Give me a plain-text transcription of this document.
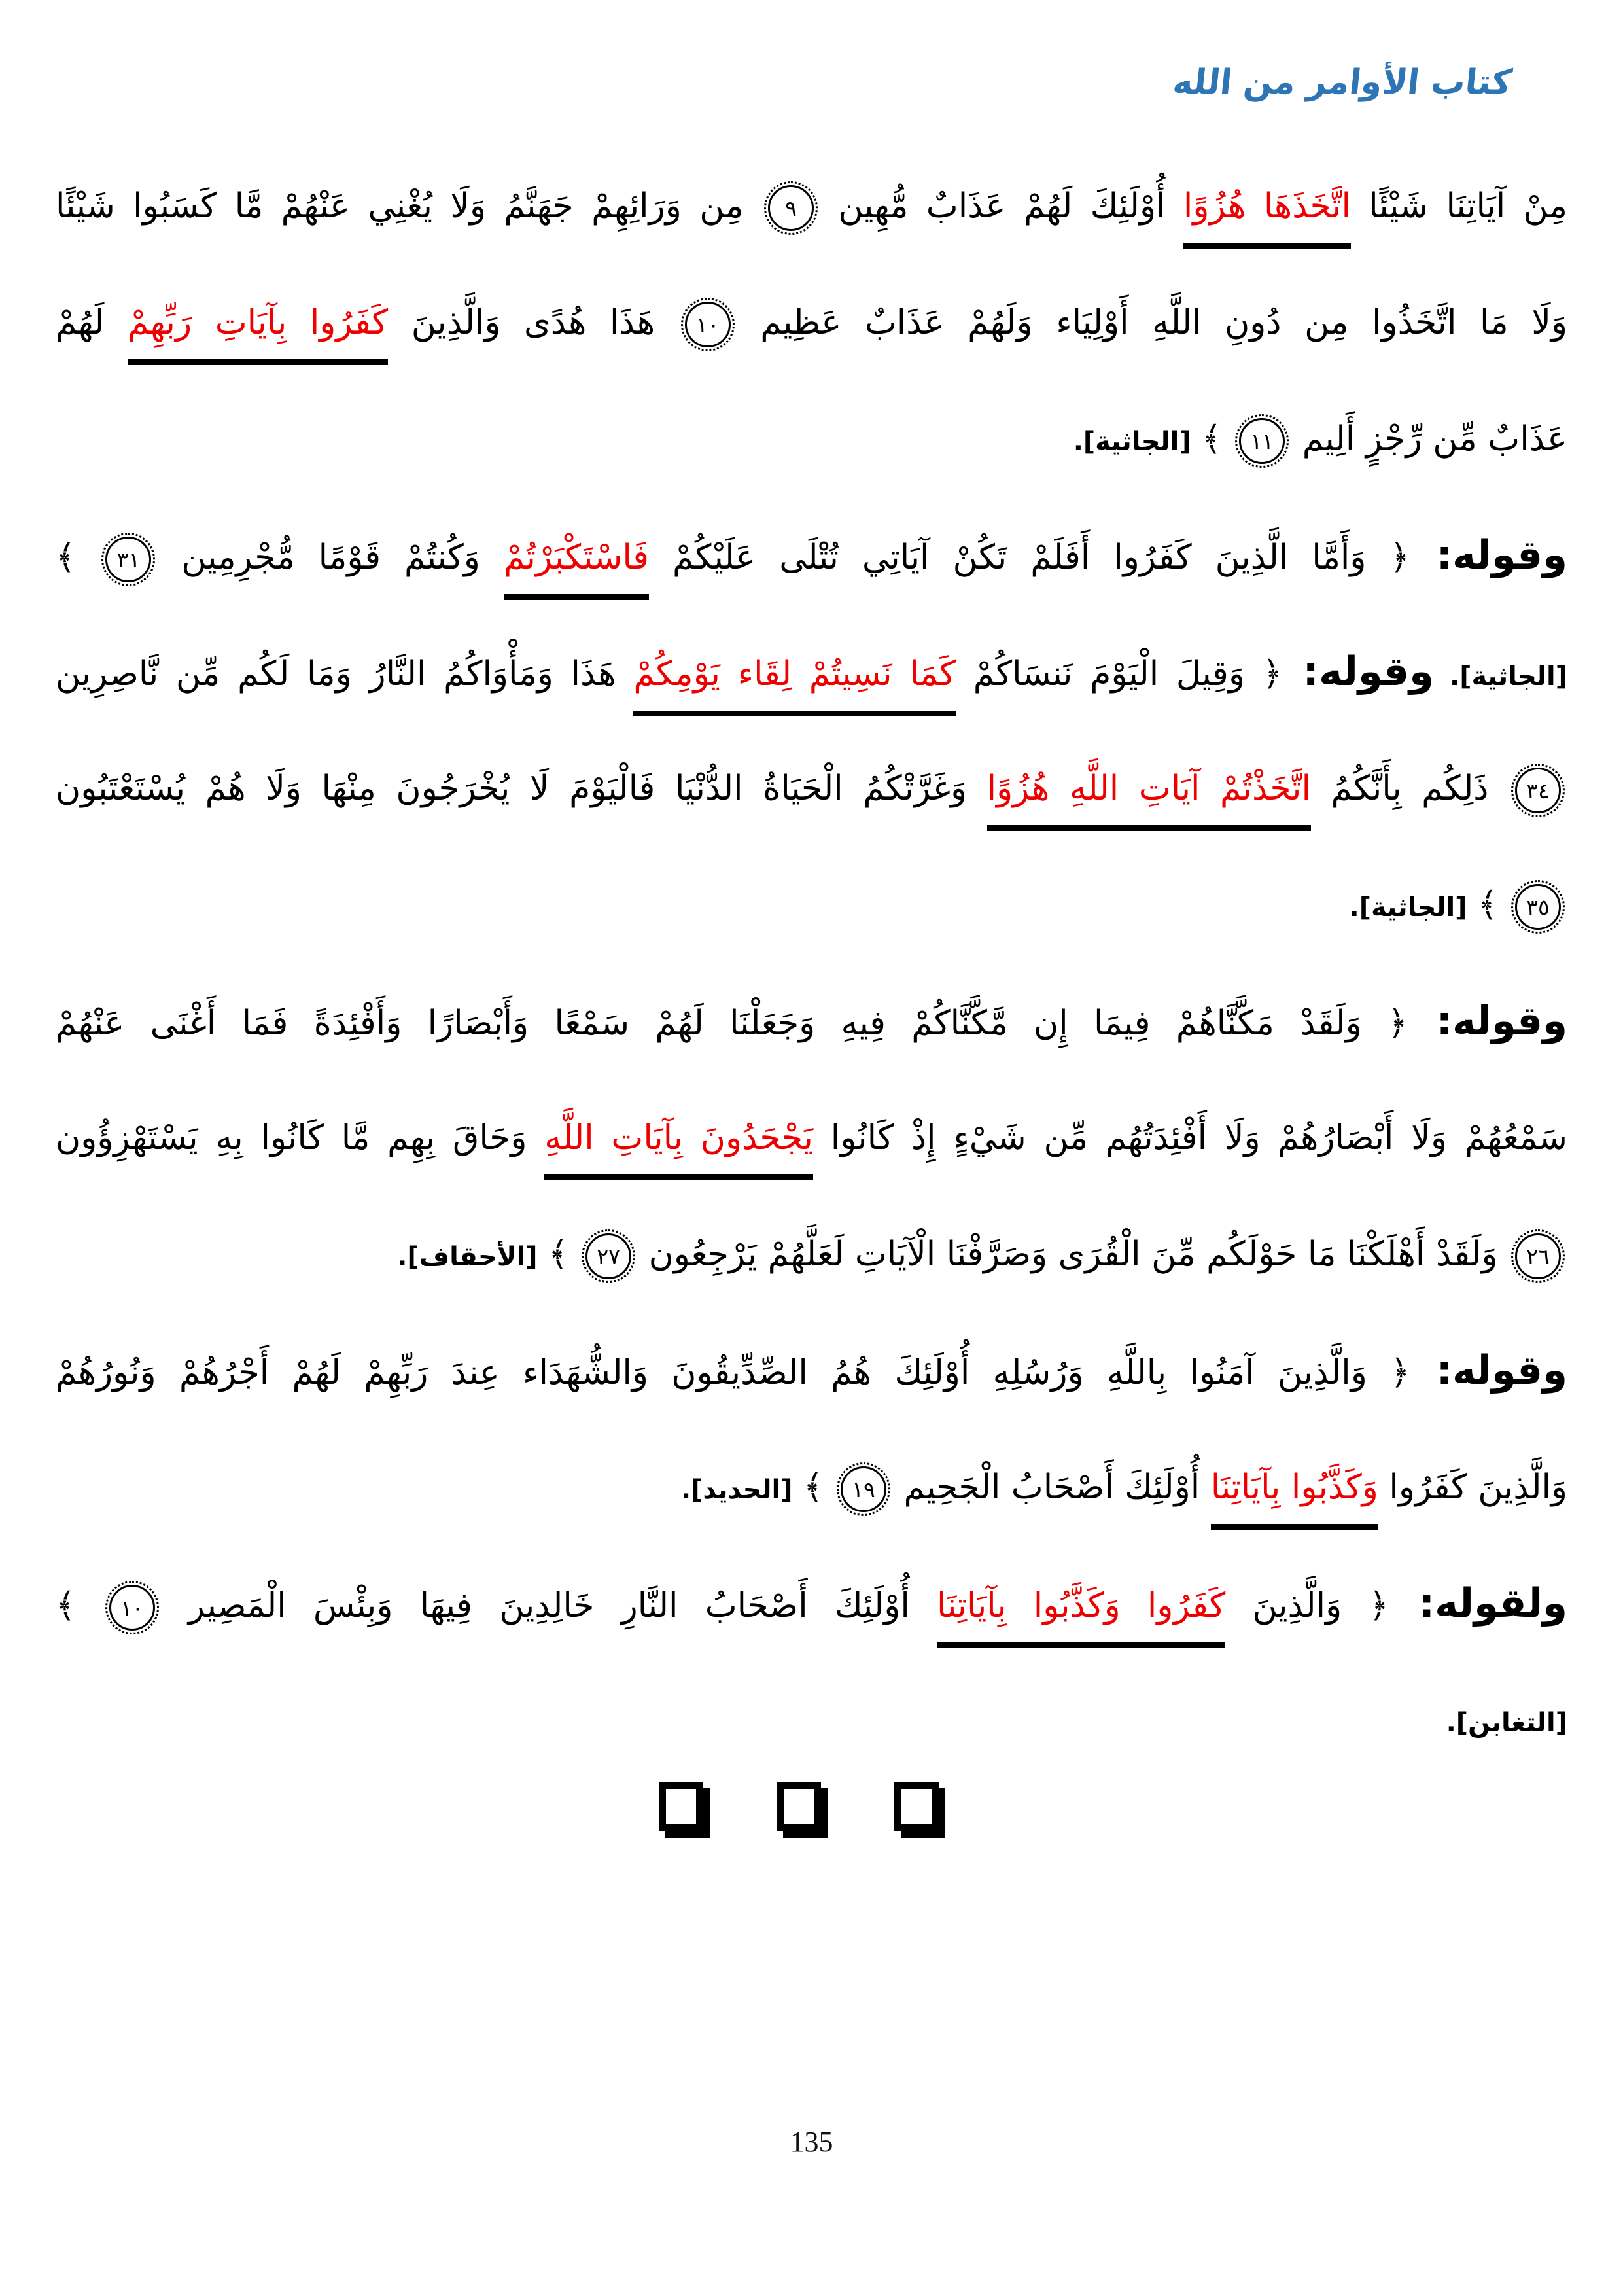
كتاب الأوامر من الله
مِنْ آيَاتِنَا شَيْئًا اتَّخَذَهَا هُزُوًا أُوْلَئِكَ لَهُمْ عَذَابٌ مُّهِين ٩ مِن وَرَائِهِمْ جَهَنَّمُ وَلَا يُغْنِي عَنْهُمْ مَّا كَسَبُوا شَيْئًا
وَلَا مَا اتَّخَذُوا مِن دُونِ اللَّهِ أَوْلِيَاء وَلَهُمْ عَذَابٌ عَظِيم ١٠ هَذَا هُدًى وَالَّذِينَ كَفَرُوا بِآيَاتِ رَبِّهِمْ لَهُمْ
عَذَابٌ مِّن رِّجْزٍ أَلِيم ١١ ﴾ [الجاثية].
وقوله: ﴿ وَأَمَّا الَّذِينَ كَفَرُوا أَفَلَمْ تَكُنْ آيَاتِي تُتْلَى عَلَيْكُمْ فَاسْتَكْبَرْتُمْ وَكُنتُمْ قَوْمًا مُّجْرِمِين ٣١ ﴾
[الجاثية]. وقوله: ﴿ وَقِيلَ الْيَوْمَ نَنسَاكُمْ كَمَا نَسِيتُمْ لِقَاء يَوْمِكُمْ هَذَا وَمَأْوَاكُمُ النَّارُ وَمَا لَكُم مِّن نَّاصِرِين
٣٤ ذَلِكُم بِأَنَّكُمُ اتَّخَذْتُمْ آيَاتِ اللَّهِ هُزُوًا وَغَرَّتْكُمُ الْحَيَاةُ الدُّنْيَا فَالْيَوْمَ لَا يُخْرَجُونَ مِنْهَا وَلَا هُمْ يُسْتَعْتَبُون
٣٥ ﴾ [الجاثية].
وقوله: ﴿ وَلَقَدْ مَكَّنَّاهُمْ فِيمَا إِن مَّكَّنَّاكُمْ فِيهِ وَجَعَلْنَا لَهُمْ سَمْعًا وَأَبْصَارًا وَأَفْئِدَةً فَمَا أَغْنَى عَنْهُمْ
سَمْعُهُمْ وَلَا أَبْصَارُهُمْ وَلَا أَفْئِدَتُهُم مِّن شَيْءٍ إِذْ كَانُوا يَجْحَدُونَ بِآيَاتِ اللَّهِ وَحَاقَ بِهِم مَّا كَانُوا بِهِ يَسْتَهْزِؤُون
٢٦ وَلَقَدْ أَهْلَكْنَا مَا حَوْلَكُم مِّنَ الْقُرَى وَصَرَّفْنَا الْآيَاتِ لَعَلَّهُمْ يَرْجِعُون ٢٧ ﴾ [الأحقاف].
وقوله: ﴿ وَالَّذِينَ آمَنُوا بِاللَّهِ وَرُسُلِهِ أُوْلَئِكَ هُمُ الصِّدِّيقُونَ وَالشُّهَدَاء عِندَ رَبِّهِمْ لَهُمْ أَجْرُهُمْ وَنُورُهُمْ
وَالَّذِينَ كَفَرُوا وَكَذَّبُوا بِآيَاتِنَا أُوْلَئِكَ أَصْحَابُ الْجَحِيم ١٩ ﴾ [الحديد].
ولقوله: ﴿ وَالَّذِينَ كَفَرُوا وَكَذَّبُوا بِآيَاتِنَا أُوْلَئِكَ أَصْحَابُ النَّارِ خَالِدِينَ فِيهَا وَبِئْسَ الْمَصِير ١٠ ﴾
[التغابن].
135
